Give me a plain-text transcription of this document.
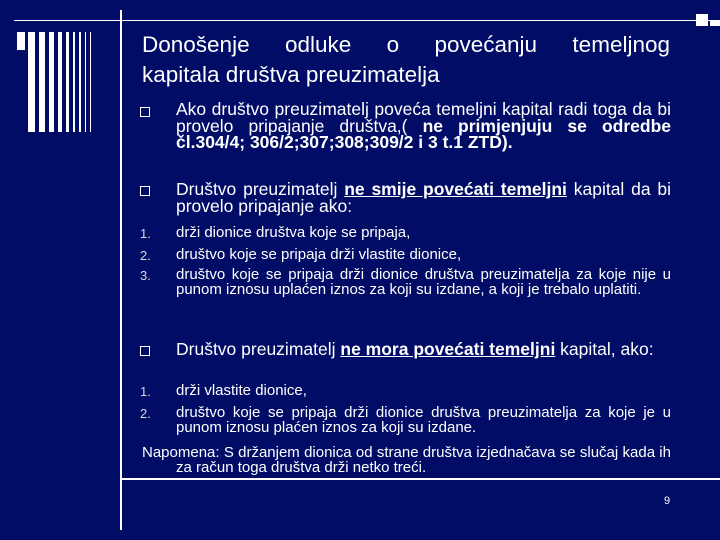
Donošenje odluke o povećanju temeljnog
kapitala društva preuzimatelja
Ako društvo preuzimatelj poveća temeljni kapital radi toga da bi provelo pripajanje društva,( ne primjenjuju se odredbe čl.304/4; 306/2;307;308;309/2 i 3 t.1 ZTD).
Društvo preuzimatelj ne smije povećati temeljni kapital da bi provelo pripajanje ako:
1. drži dionice društva koje se pripaja,
2. društvo koje se pripaja drži vlastite dionice,
3. društvo koje se pripaja drži dionice društva preuzimatelja za koje nije u punom iznosu uplaćen iznos za koji su izdane, a koji je trebalo uplatiti.
Društvo preuzimatelj ne mora povećati temeljni kapital, ako:
1. drži vlastite dionice,
2. društvo koje se pripaja drži dionice društva preuzimatelja za koje je u punom iznosu plaćen iznos za koji su izdane.
Napomena: S držanjem dionica od strane društva izjednačava se slučaj kada ih za račun toga društva drži netko treći.
9
